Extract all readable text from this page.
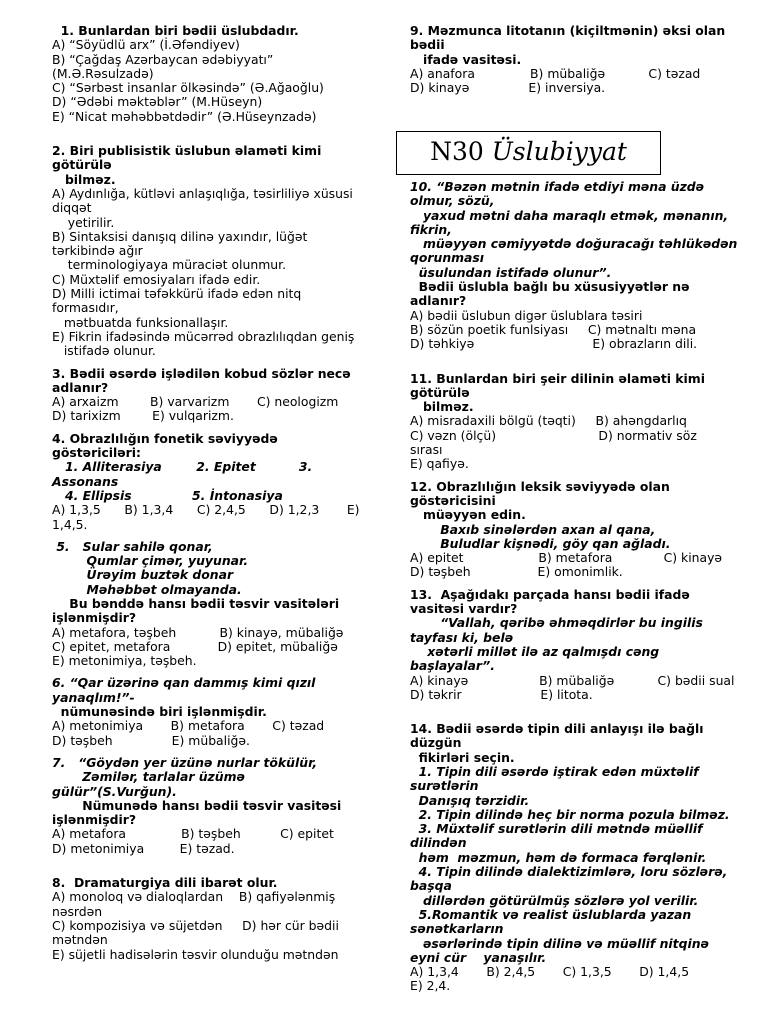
1. Bunlardan biri bədii üslubdadır.
A) “Söyüdlü arx” (İ.Əfəndiyev)
B) “Çağdaş Azərbaycan ədəbiyyatı”
(M.Ə.Rəsulzadə)
C) “Sərbəst insanlar ölkəsində” (Ə.Ağaoğlu)
D) “Ədəbi məktəblər” (M.Hüseyn)
E) “Nicat məhəbbətdədir” (Ə.Hüseynzadə)
2. Biri publisistik üslubun əlaməti kimi
götürülə
bilməz.
A) Aydınlığa, kütləvi anlaşıqlığa, təsirliliyə xüsusi
diqqət
yetirilir.
B) Sintaksisi danışıq dilinə yaxındır, lüğət
tərkibində ağır
terminologiyaya müraciət olunmur.
C) Müxtəlif emosiyaları ifadə edir.
D) Milli ictimai təfəkkürü ifadə edən nitq
formasıdır,
mətbuatda funksionallaşır.
E) Fikrin ifadəsində mücərrəd obrazlılıqdan geniş
istifadə olunur.
3. Bədii əsərdə işlədilən kobud sözlər necə
adlanır?
A) arxaizm        B) varvarizm       C) neologizm
D) tarixizm        E) vulqarizm.
4. Obrazlılığın fonetik səviyyədə
göstəriciləri:
1. Alliterasiya        2. Epitet          3.
Assonans
4. Ellipsis              5. İntonasiya
A) 1,3,5      B) 1,3,4      C) 2,4,5      D) 1,2,3       E)
1,4,5.
5.   Sular sahilə qonar,
Qumlar çimər, yuyunar.
Ürəyim buztək donar
Məhəbbət olmayanda.
Bu bənddə hansı bədii təsvir vasitələri
işlənmişdir?
A) metafora, təşbeh           B) kinayə, mübaliğə
C) epitet, metafora            D) epitet, mübaliğə
E) metonimiya, təşbeh.
6. “Qar üzərinə qan dammış kimi qızıl
yanaqlım!”-
nümunəsində biri işlənmişdir.
A) metonimiya       B) metafora       C) təzad
D) təşbeh               E) mübaliğə.
7.   “Göydən yer üzünə nurlar tökülür,
Zəmilər, tarlalar üzümə
gülür”(S.Vurğun).
Nümunədə hansı bədii təsvir vasitəsi
işlənmişdir?
A) metafora              B) təşbeh          C) epitet
D) metonimiya         E) təzad.
8.  Dramaturgiya dili ibarət olur.
A) monoloq və dialoqlardan    B) qafiyələnmiş
nəsrdən
C) kompozisiya və süjetdən     D) hər cür bədii
mətndən
E) süjetli hadisələrin təsvir olunduğu mətndən
9. Məzmunca litotanın (kiçiltmənin) əksi olan
bədii
ifadə vasitəsi.
A) anafora              B) mübaliğə           C) təzad
D) kinayə               E) inversiya.
N30 Üslubiyyat
10. “Bəzən mətnin ifadə etdiyi məna üzdə
olmur, sözü,
yaxud mətni daha maraqlı etmək, mənanın,
fikrin,
müəyyən cəmiyyətdə doğuracağı təhlükədən
qorunması
üsulundan istifadə olunur”.
Bədii üslubla bağlı bu xüsusiyyətlər nə
adlanır?
A) bədii üslubun digər üslublara təsiri
B) sözün poetik funlsiyası     C) mətnaltı məna
D) təhkiyə                              E) obrazların dili.
11. Bunlardan biri şeir dilinin əlaməti kimi
götürülə
bilməz.
A) misradaxili bölgü (təqti)     B) ahəngdarlıq
C) vəzn (ölçü)                          D) normativ söz
sırası
E) qafiyə.
12. Obrazlılığın leksik səviyyədə olan
göstəricisini
müəyyən edin.
Baxıb sinələrdən axan al qana,
Buludlar kişnədi, göy qan ağladı.
A) epitet                   B) metafora             C) kinayə
D) təşbeh                 E) omonimlik.
13.  Aşağıdakı parçada hansı bədii ifadə
vasitəsi vardır?
“Vallah, qəribə əhməqdirlər bu ingilis
tayfası ki, belə
xətərli millət ilə az qalmışdı cəng
başlayalar”.
A) kinayə                  B) mübaliğə           C) bədii sual
D) təkrir                    E) litota.
14. Bədii əsərdə tipin dili anlayışı ilə bağlı
düzgün
fikirləri seçin.
1. Tipin dili əsərdə iştirak edən müxtəlif
surətlərin
Danışıq tərzidir.
2. Tipin dilində heç bir norma pozula bilməz.
3. Müxtəlif surətlərin dili mətndə müəllif
dilindən
həm  məzmun, həm də formaca fərqlənir.
4. Tipin dilində dialektizimlərə, loru sözlərə,
başqa
dillərdən götürülmüş sözlərə yol verilir.
5.Romantik və realist üslublarda yazan
sənətkarların
əsərlərində tipin dilinə və müəllif nitqinə
eyni cür    yanaşılır.
A) 1,3,4       B) 2,4,5       C) 1,3,5       D) 1,4,5
E) 2,4.
